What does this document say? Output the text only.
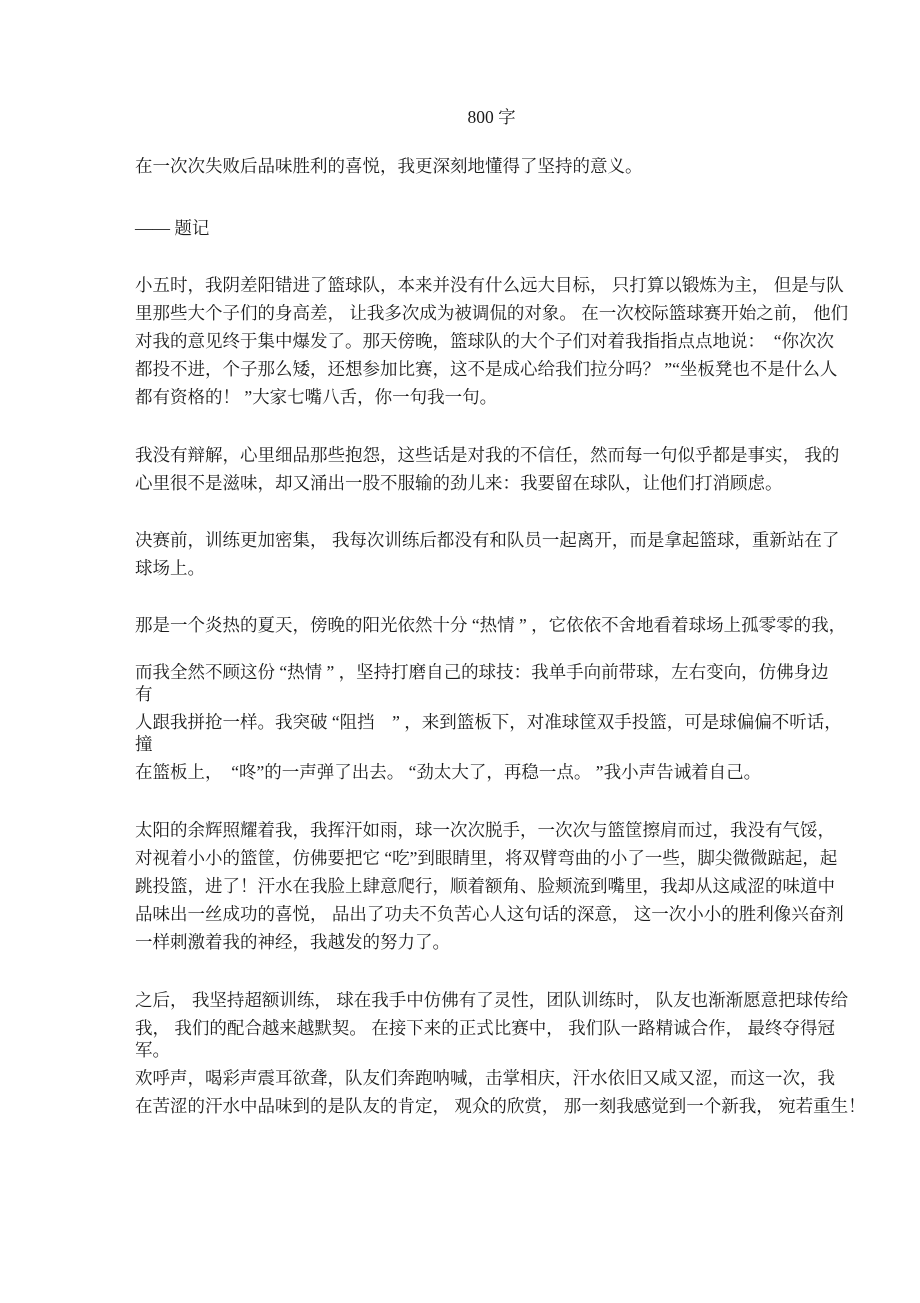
800 字
在一次次失败后品味胜利的喜悦，我更深刻地懂得了坚持的意义。
—— 题记
小五时，我阴差阳错进了篮球队，本来并没有什么远大目标， 只打算以锻炼为主， 但是与队
里那些大个子们的身高差， 让我多次成为被调侃的对象。 在一次校际篮球赛开始之前， 他们
对我的意见终于集中爆发了。那天傍晚，篮球队的大个子们对着我指指点点地说：　“你次次
都投不进，个子那么矮，还想参加比赛，这不是成心给我们拉分吗？ ”“坐板凳也不是什么人
都有资格的！ ”大家七嘴八舌，你一句我一句。
我没有辩解，心里细品那些抱怨，这些话是对我的不信任，然而每一句似乎都是事实， 我的
心里很不是滋味，却又涌出一股不服输的劲儿来：我要留在球队，让他们打消顾虑。
决赛前，训练更加密集， 我每次训练后都没有和队员一起离开，而是拿起篮球，重新站在了
球场上。
那是一个炎热的夏天，傍晚的阳光依然十分 “热情 ” ，它依依不舍地看着球场上孤零零的我，
而我全然不顾这份 “热情 ” ，坚持打磨自己的球技：我单手向前带球，左右变向，仿佛身边
有
人跟我拼抢一样。我突破 “阻挡　” ，来到篮板下，对准球筐双手投篮，可是球偏偏不听话，
撞
在篮板上，　“咚”的一声弹了出去。 “劲太大了，再稳一点。 ”我小声告诫着自己。
太阳的余辉照耀着我，我挥汗如雨，球一次次脱手，一次次与篮筐擦肩而过，我没有气馁，
对视着小小的篮筐，仿佛要把它 “吃”到眼睛里，将双臂弯曲的小了一些，脚尖微微踮起，起
跳投篮，进了！汗水在我脸上肆意爬行，顺着额角、脸颊流到嘴里，我却从这咸涩的味道中
品味出一丝成功的喜悦， 品出了功夫不负苦心人这句话的深意， 这一次小小的胜利像兴奋剂
一样刺激着我的神经，我越发的努力了。
之后， 我坚持超额训练， 球在我手中仿佛有了灵性，团队训练时， 队友也渐渐愿意把球传给
我， 我们的配合越来越默契。 在接下来的正式比赛中， 我们队一路精诚合作， 最终夺得冠
军。
欢呼声，喝彩声震耳欲聋，队友们奔跑呐喊，击掌相庆，汗水依旧又咸又涩，而这一次，我
在苦涩的汗水中品味到的是队友的肯定， 观众的欣赏， 那一刻我感觉到一个新我， 宛若重生！
